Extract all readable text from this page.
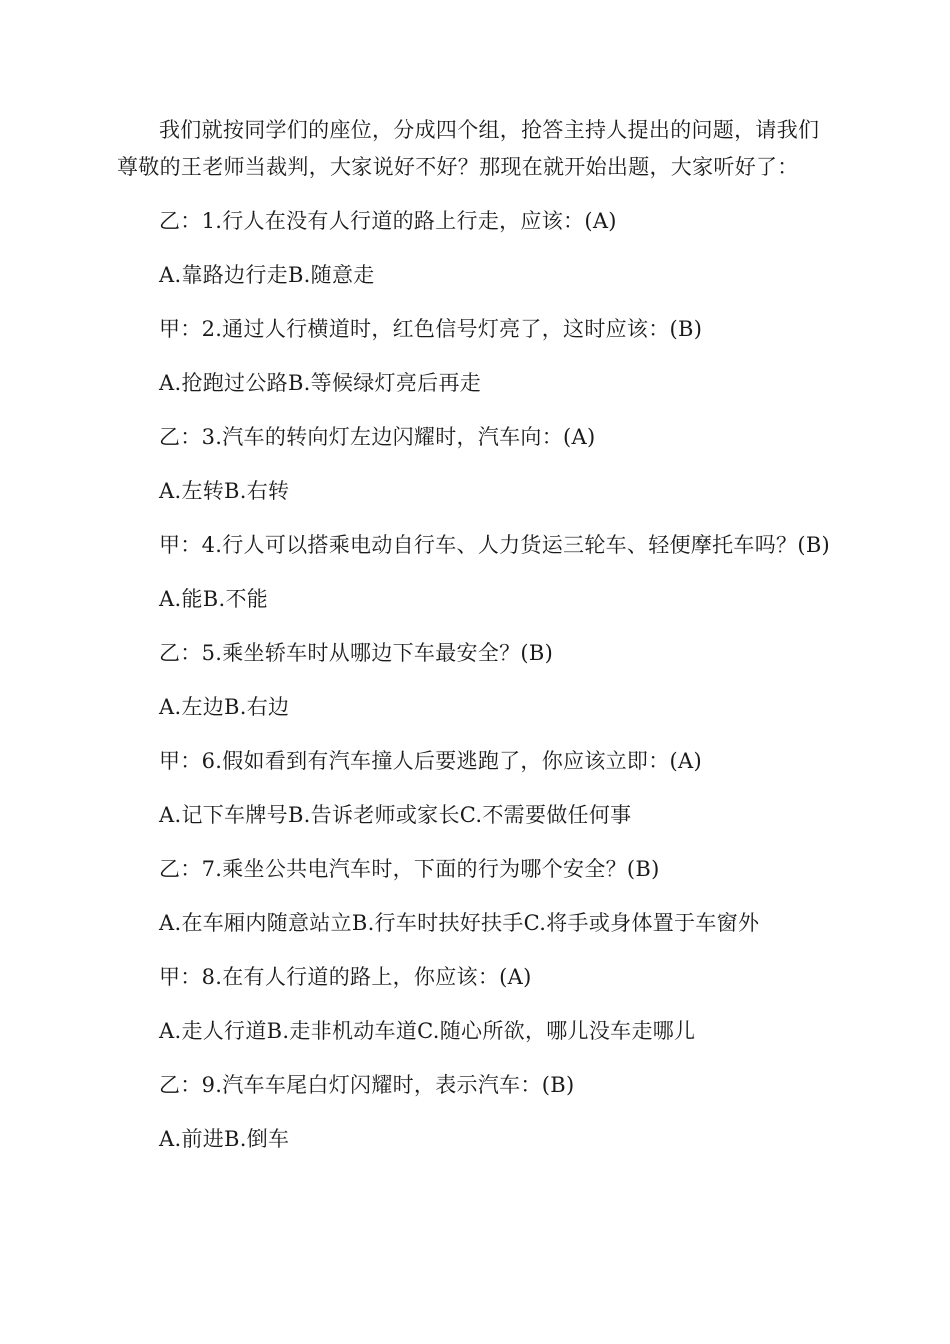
我们就按同学们的座位，分成四个组，抢答主持人提出的问题，请我们尊敬的王老师当裁判，大家说好不好？那现在就开始出题，大家听好了：

乙：1.行人在没有人行道的路上行走，应该：(A)

A.靠路边行走B.随意走

甲：2.通过人行横道时，红色信号灯亮了，这时应该：(B)

A.抢跑过公路B.等候绿灯亮后再走

乙：3.汽车的转向灯左边闪耀时，汽车向：(A)

A.左转B.右转

甲：4.行人可以搭乘电动自行车、人力货运三轮车、轻便摩托车吗？(B)

A.能B.不能

乙：5.乘坐轿车时从哪边下车最安全？(B)

A.左边B.右边

甲：6.假如看到有汽车撞人后要逃跑了，你应该立即：(A)

A.记下车牌号B.告诉老师或家长C.不需要做任何事

乙：7.乘坐公共电汽车时，下面的行为哪个安全？(B)

A.在车厢内随意站立B.行车时扶好扶手C.将手或身体置于车窗外

甲：8.在有人行道的路上，你应该：(A)

A.走人行道B.走非机动车道C.随心所欲，哪儿没车走哪儿

乙：9.汽车车尾白灯闪耀时，表示汽车：(B)

A.前进B.倒车
